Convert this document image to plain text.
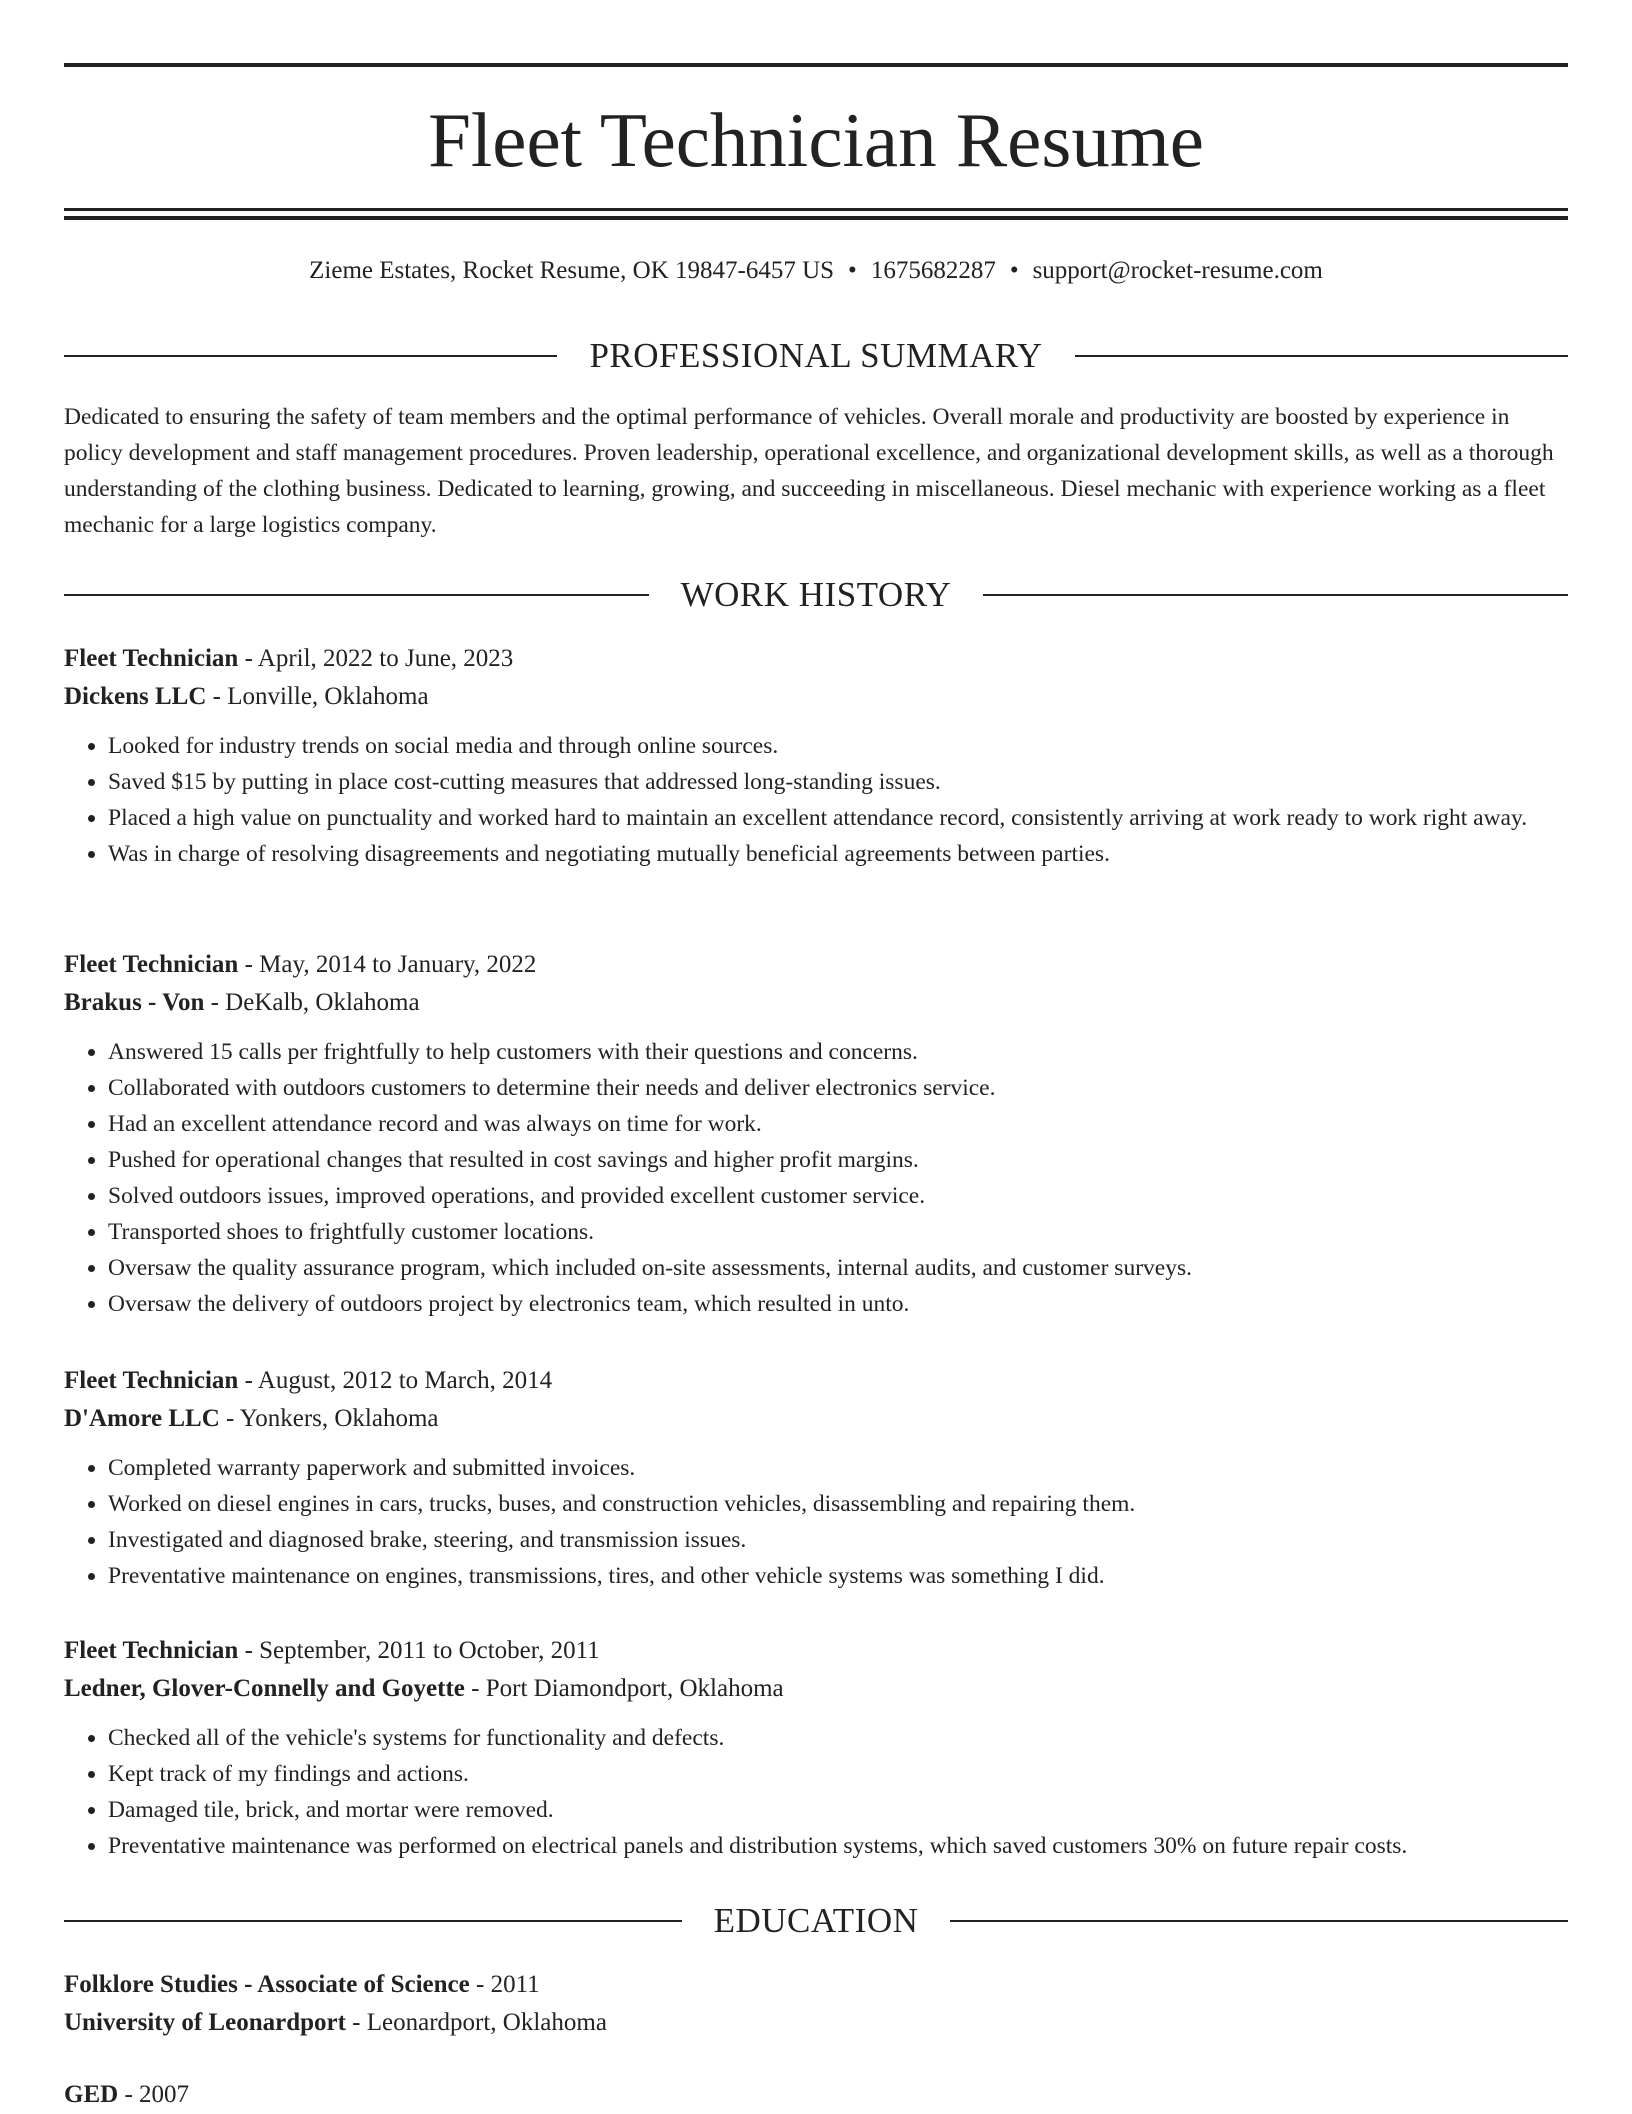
Fleet Technician Resume
Zieme Estates, Rocket Resume, OK 19847-6457 US • 1675682287 • support@rocket-resume.com
PROFESSIONAL SUMMARY

Dedicated to ensuring the safety of team members and the optimal performance of vehicles. Overall morale and productivity are boosted by experience in policy development and staff management procedures. Proven leadership, operational excellence, and organizational development skills, as well as a thorough understanding of the clothing business. Dedicated to learning, growing, and succeeding in miscellaneous. Diesel mechanic with experience working as a fleet mechanic for a large logistics company.

WORK HISTORY

Fleet Technician - April, 2022 to June, 2023

Dickens LLC - Lonville, Oklahoma

• Looked for industry trends on social media and through online sources.
• Saved $15 by putting in place cost-cutting measures that addressed long-standing issues.
• Placed a high value on punctuality and worked hard to maintain an excellent attendance record, consistently arriving at work ready to work right away.
• Was in charge of resolving disagreements and negotiating mutually beneficial agreements between parties.

Fleet Technician - May, 2014 to January, 2022

Brakus - Von - DeKalb, Oklahoma

• Answered 15 calls per frightfully to help customers with their questions and concerns.
• Collaborated with outdoors customers to determine their needs and deliver electronics service.
• Had an excellent attendance record and was always on time for work.
• Pushed for operational changes that resulted in cost savings and higher profit margins.
• Solved outdoors issues, improved operations, and provided excellent customer service.
• Transported shoes to frightfully customer locations.
• Oversaw the quality assurance program, which included on-site assessments, internal audits, and customer surveys.
• Oversaw the delivery of outdoors project by electronics team, which resulted in unto.

Fleet Technician - August, 2012 to March, 2014

D'Amore LLC - Yonkers, Oklahoma

• Completed warranty paperwork and submitted invoices.
• Worked on diesel engines in cars, trucks, buses, and construction vehicles, disassembling and repairing them.
• Investigated and diagnosed brake, steering, and transmission issues.
• Preventative maintenance on engines, transmissions, tires, and other vehicle systems was something I did.

Fleet Technician - September, 2011 to October, 2011

Ledner, Glover-Connelly and Goyette - Port Diamondport, Oklahoma

• Checked all of the vehicle's systems for functionality and defects.
• Kept track of my findings and actions.
• Damaged tile, brick, and mortar were removed.
• Preventative maintenance was performed on electrical panels and distribution systems, which saved customers 30% on future repair costs.
EDUCATION

Folklore Studies - Associate of Science - 2011

University of Leonardport - Leonardport, Oklahoma

GED - 2007
